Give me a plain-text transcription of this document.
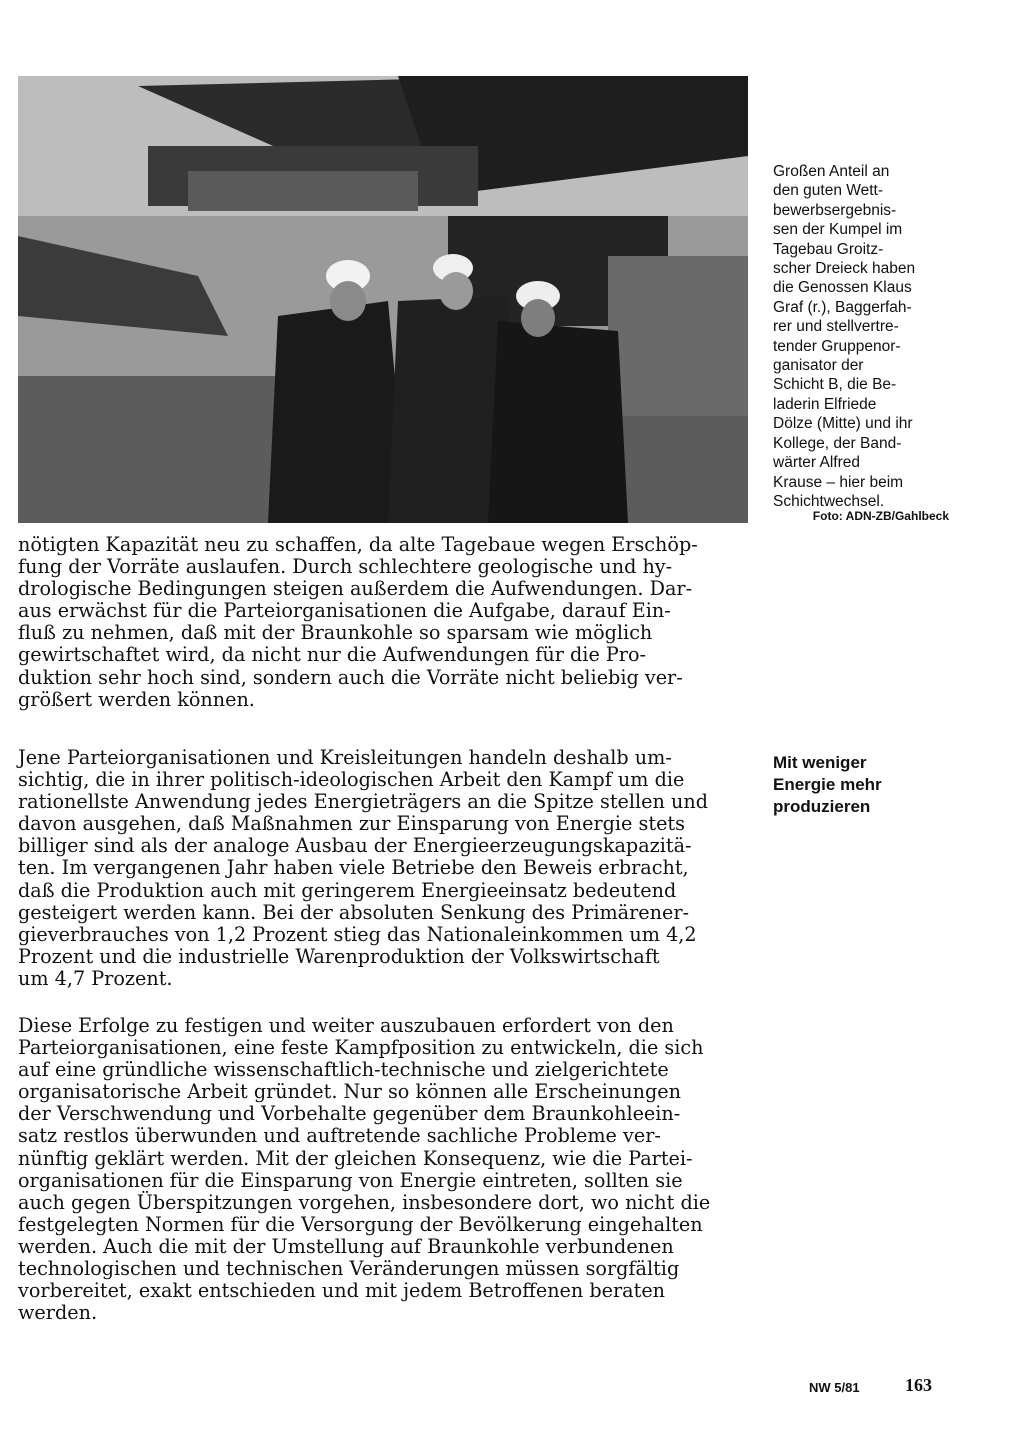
Großen Anteil an
den guten Wett-
bewerbsergebnis-
sen der Kumpel im
Tagebau Groitz-
scher Dreieck haben
die Genossen Klaus
Graf (r.), Baggerfah-
rer und stellvertre-
tender Gruppenor-
ganisator der
Schicht B, die Be-
laderin Elfriede
Dölze (Mitte) und ihr
Kollege, der Band-
wärter Alfred
Krause – hier beim
Schichtwechsel.
Foto: ADN-ZB/Gahlbeck
nötigten Kapazität neu zu schaffen, da alte Tagebaue wegen Erschöp-
fung der Vorräte auslaufen. Durch schlechtere geologische und hy-
drologische Bedingungen steigen außerdem die Aufwendungen. Dar-
aus erwächst für die Parteiorganisationen die Aufgabe, darauf Ein-
fluß zu nehmen, daß mit der Braunkohle so sparsam wie möglich
gewirtschaftet wird, da nicht nur die Aufwendungen für die Pro-
duktion sehr hoch sind, sondern auch die Vorräte nicht beliebig ver-
größert werden können.
Jene Parteiorganisationen und Kreisleitungen handeln deshalb um-
sichtig, die in ihrer politisch-ideologischen Arbeit den Kampf um die
rationellste Anwendung jedes Energieträgers an die Spitze stellen und
davon ausgehen, daß Maßnahmen zur Einsparung von Energie stets
billiger sind als der analoge Ausbau der Energieerzeugungskapazitä-
ten. Im vergangenen Jahr haben viele Betriebe den Beweis erbracht,
daß die Produktion auch mit geringerem Energieeinsatz bedeutend
gesteigert werden kann. Bei der absoluten Senkung des Primärener-
gieverbrauches von 1,2 Prozent stieg das Nationaleinkommen um 4,2
Prozent und die industrielle Warenproduktion der Volkswirtschaft
um 4,7 Prozent.
Diese Erfolge zu festigen und weiter auszubauen erfordert von den
Parteiorganisationen, eine feste Kampfposition zu entwickeln, die sich
auf eine gründliche wissenschaftlich-technische und zielgerichtete
organisatorische Arbeit gründet. Nur so können alle Erscheinungen
der Verschwendung und Vorbehalte gegenüber dem Braunkohleein-
satz restlos überwunden und auftretende sachliche Probleme ver-
nünftig geklärt werden. Mit der gleichen Konsequenz, wie die Partei-
organisationen für die Einsparung von Energie eintreten, sollten sie
auch gegen Überspitzungen vorgehen, insbesondere dort, wo nicht die
festgelegten Normen für die Versorgung der Bevölkerung eingehalten
werden. Auch die mit der Umstellung auf Braunkohle verbundenen
technologischen und technischen Veränderungen müssen sorgfältig
vorbereitet, exakt entschieden und mit jedem Betroffenen beraten
werden.
Mit weniger
Energie mehr
produzieren
NW 5/81	163
